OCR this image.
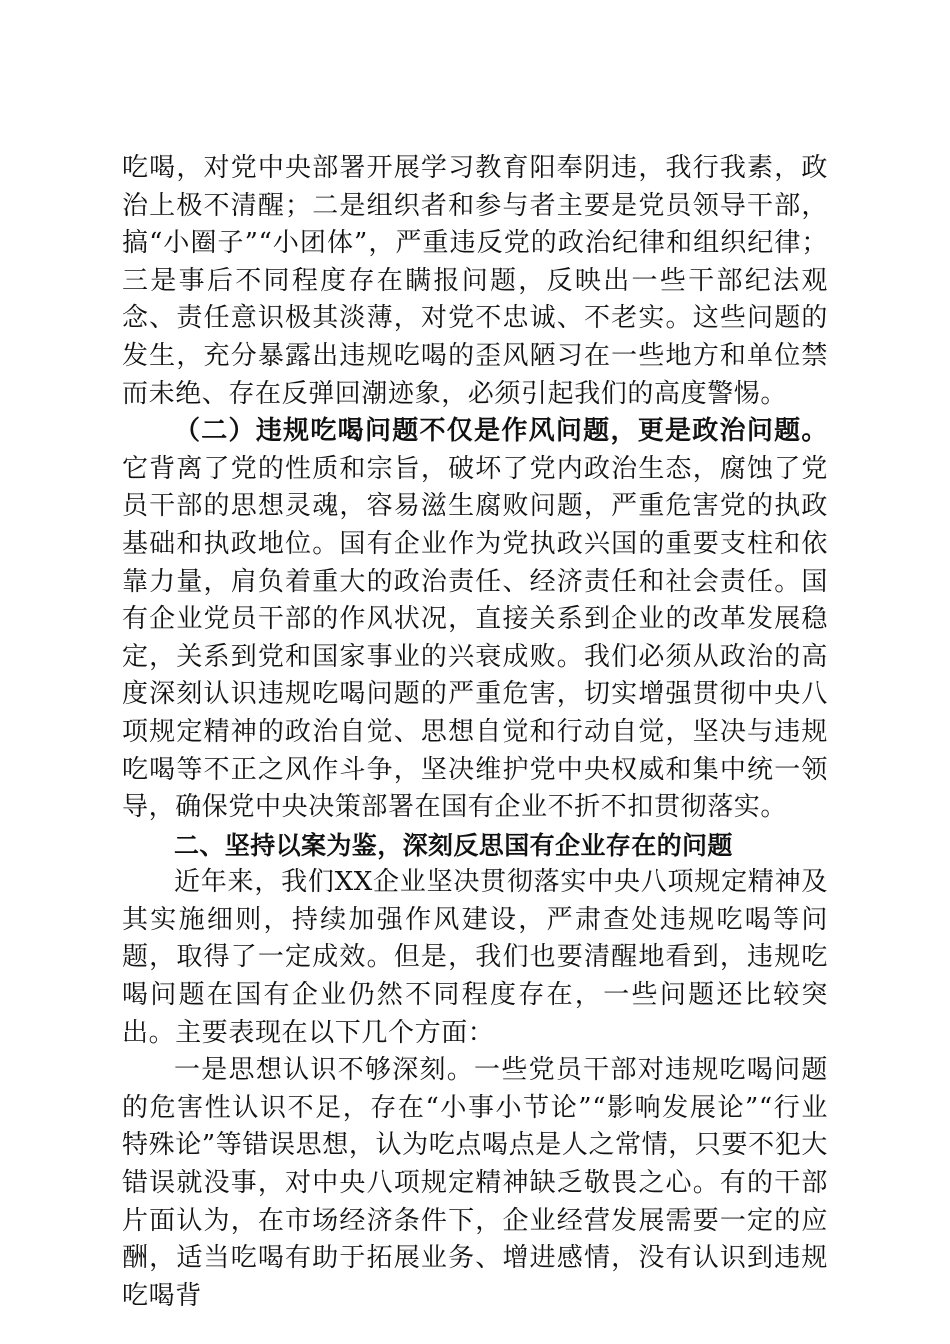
吃喝，对党中央部署开展学习教育阳奉阴违，我行我素，政治上极不清醒；二是组织者和参与者主要是党员领导干部，搞“小圈子”“小团体”，严重违反党的政治纪律和组织纪律；三是事后不同程度存在瞒报问题，反映出一些干部纪法观念、责任意识极其淡薄，对党不忠诚、不老实。这些问题的发生，充分暴露出违规吃喝的歪风陋习在一些地方和单位禁而未绝、存在反弹回潮迹象，必须引起我们的高度警惕。

（二）违规吃喝问题不仅是作风问题，更是政治问题。它背离了党的性质和宗旨，破坏了党内政治生态，腐蚀了党员干部的思想灵魂，容易滋生腐败问题，严重危害党的执政基础和执政地位。国有企业作为党执政兴国的重要支柱和依靠力量，肩负着重大的政治责任、经济责任和社会责任。国有企业党员干部的作风状况，直接关系到企业的改革发展稳定，关系到党和国家事业的兴衰成败。我们必须从政治的高度深刻认识违规吃喝问题的严重危害，切实增强贯彻中央八项规定精神的政治自觉、思想自觉和行动自觉，坚决与违规吃喝等不正之风作斗争，坚决维护党中央权威和集中统一领导，确保党中央决策部署在国有企业不折不扣贯彻落实。

二、坚持以案为鉴，深刻反思国有企业存在的问题

近年来，我们XX企业坚决贯彻落实中央八项规定精神及其实施细则，持续加强作风建设，严肃查处违规吃喝等问题，取得了一定成效。但是，我们也要清醒地看到，违规吃喝问题在国有企业仍然不同程度存在，一些问题还比较突出。主要表现在以下几个方面：

一是思想认识不够深刻。一些党员干部对违规吃喝问题的危害性认识不足，存在“小事小节论”“影响发展论”“行业特殊论”等错误思想，认为吃点喝点是人之常情，只要不犯大错误就没事，对中央八项规定精神缺乏敬畏之心。有的干部片面认为，在市场经济条件下，企业经营发展需要一定的应酬，适当吃喝有助于拓展业务、增进感情，没有认识到违规吃喝背
